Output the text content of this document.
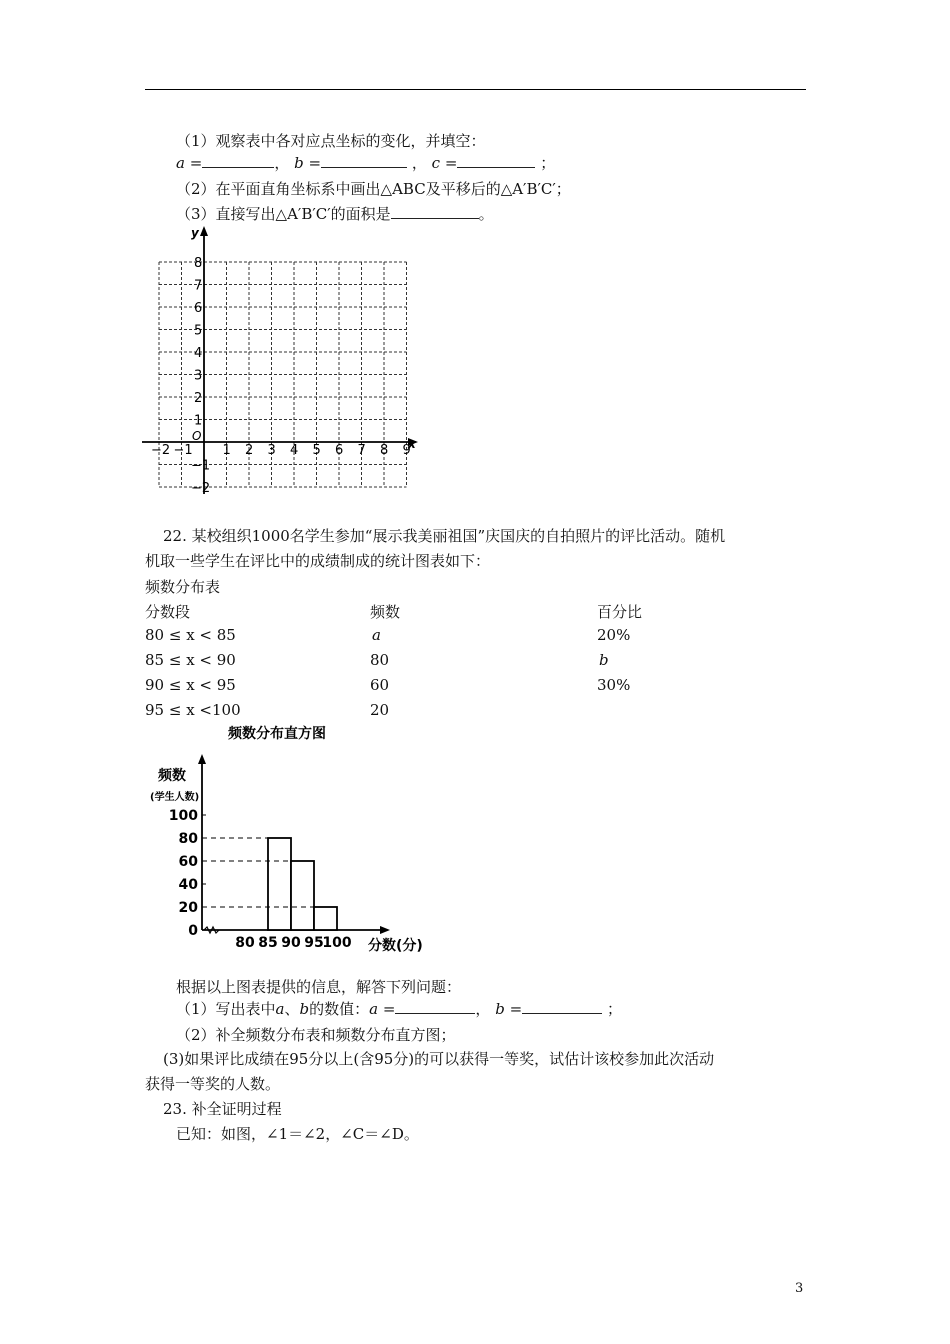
（1）观察表中各对应点坐标的变化，并填空：
a =	， b =	， c =	；
（2）在平面直角坐标系中画出△ABC及平移后的△A′B′C′；
（3）直接写出△A′B′C′的面积是	。
y
x
O
−2 −1 1 2 3 4 5 6 7 8 9
8
7
6
5
4
3
2
1
−1
−2
22. 某校组织1000名学生参加“展示我美丽祖国”庆国庆的自拍照片的评比活动。随机
机取一些学生在评比中的成绩制成的统计图表如下：
频数分布表
分数段	频数	百分比
80 ≤ x < 85	a	20%
85 ≤ x < 90	80	b
90 ≤ x < 95	60	30%
95 ≤ x <100	20
频数分布直方图
频数
(学生人数)
分数(分)
0
20
40
60
80
100
80 85 90 95
100
根据以上图表提供的信息，解答下列问题：
（1）写出表中a、b的数值：a =	， b =	；
（2）补全频数分布表和频数分布直方图；
(3)如果评比成绩在95分以上(含95分)的可以获得一等奖，试估计该校参加此次活动
获得一等奖的人数。
23. 补全证明过程
已知：如图，∠1＝∠2，∠C＝∠D。
3
